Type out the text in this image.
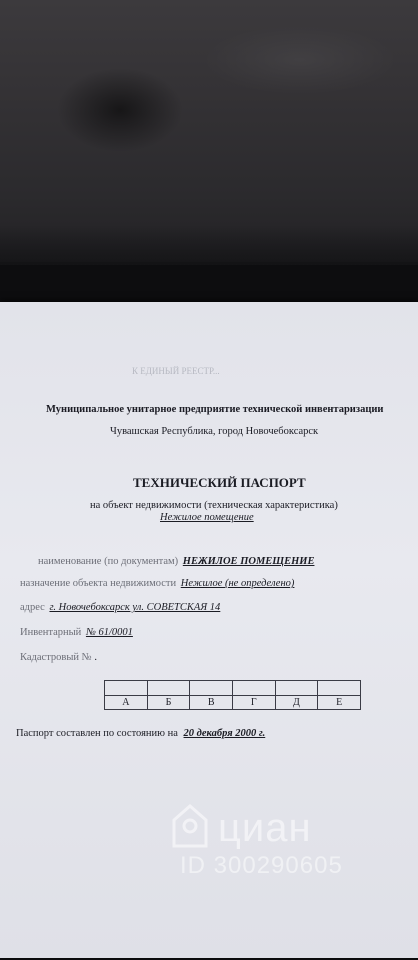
К ЕДИНЫЙ РЕЕСТР...
Муниципальное унитарное предприятие технической инвентаризации
Чувашская Республика, город Новочебоксарск
ТЕХНИЧЕСКИЙ ПАСПОРТ
на объект недвижимости (техническая характеристика)
Нежилое помещение
наименование (по документам) НЕЖИЛОЕ ПОМЕЩЕНИЕ
назначение объекта недвижимости Нежилое (не определено)
адрес г. Новочебоксарск ул. СОВЕТСКАЯ 14
Инвентарный № 61/0001
Кадастровый № .

А	Б	В	Г	Д	Е
Паспорт составлен по состоянию на 20 декабря 2000 г.
циан
ID 300290605
